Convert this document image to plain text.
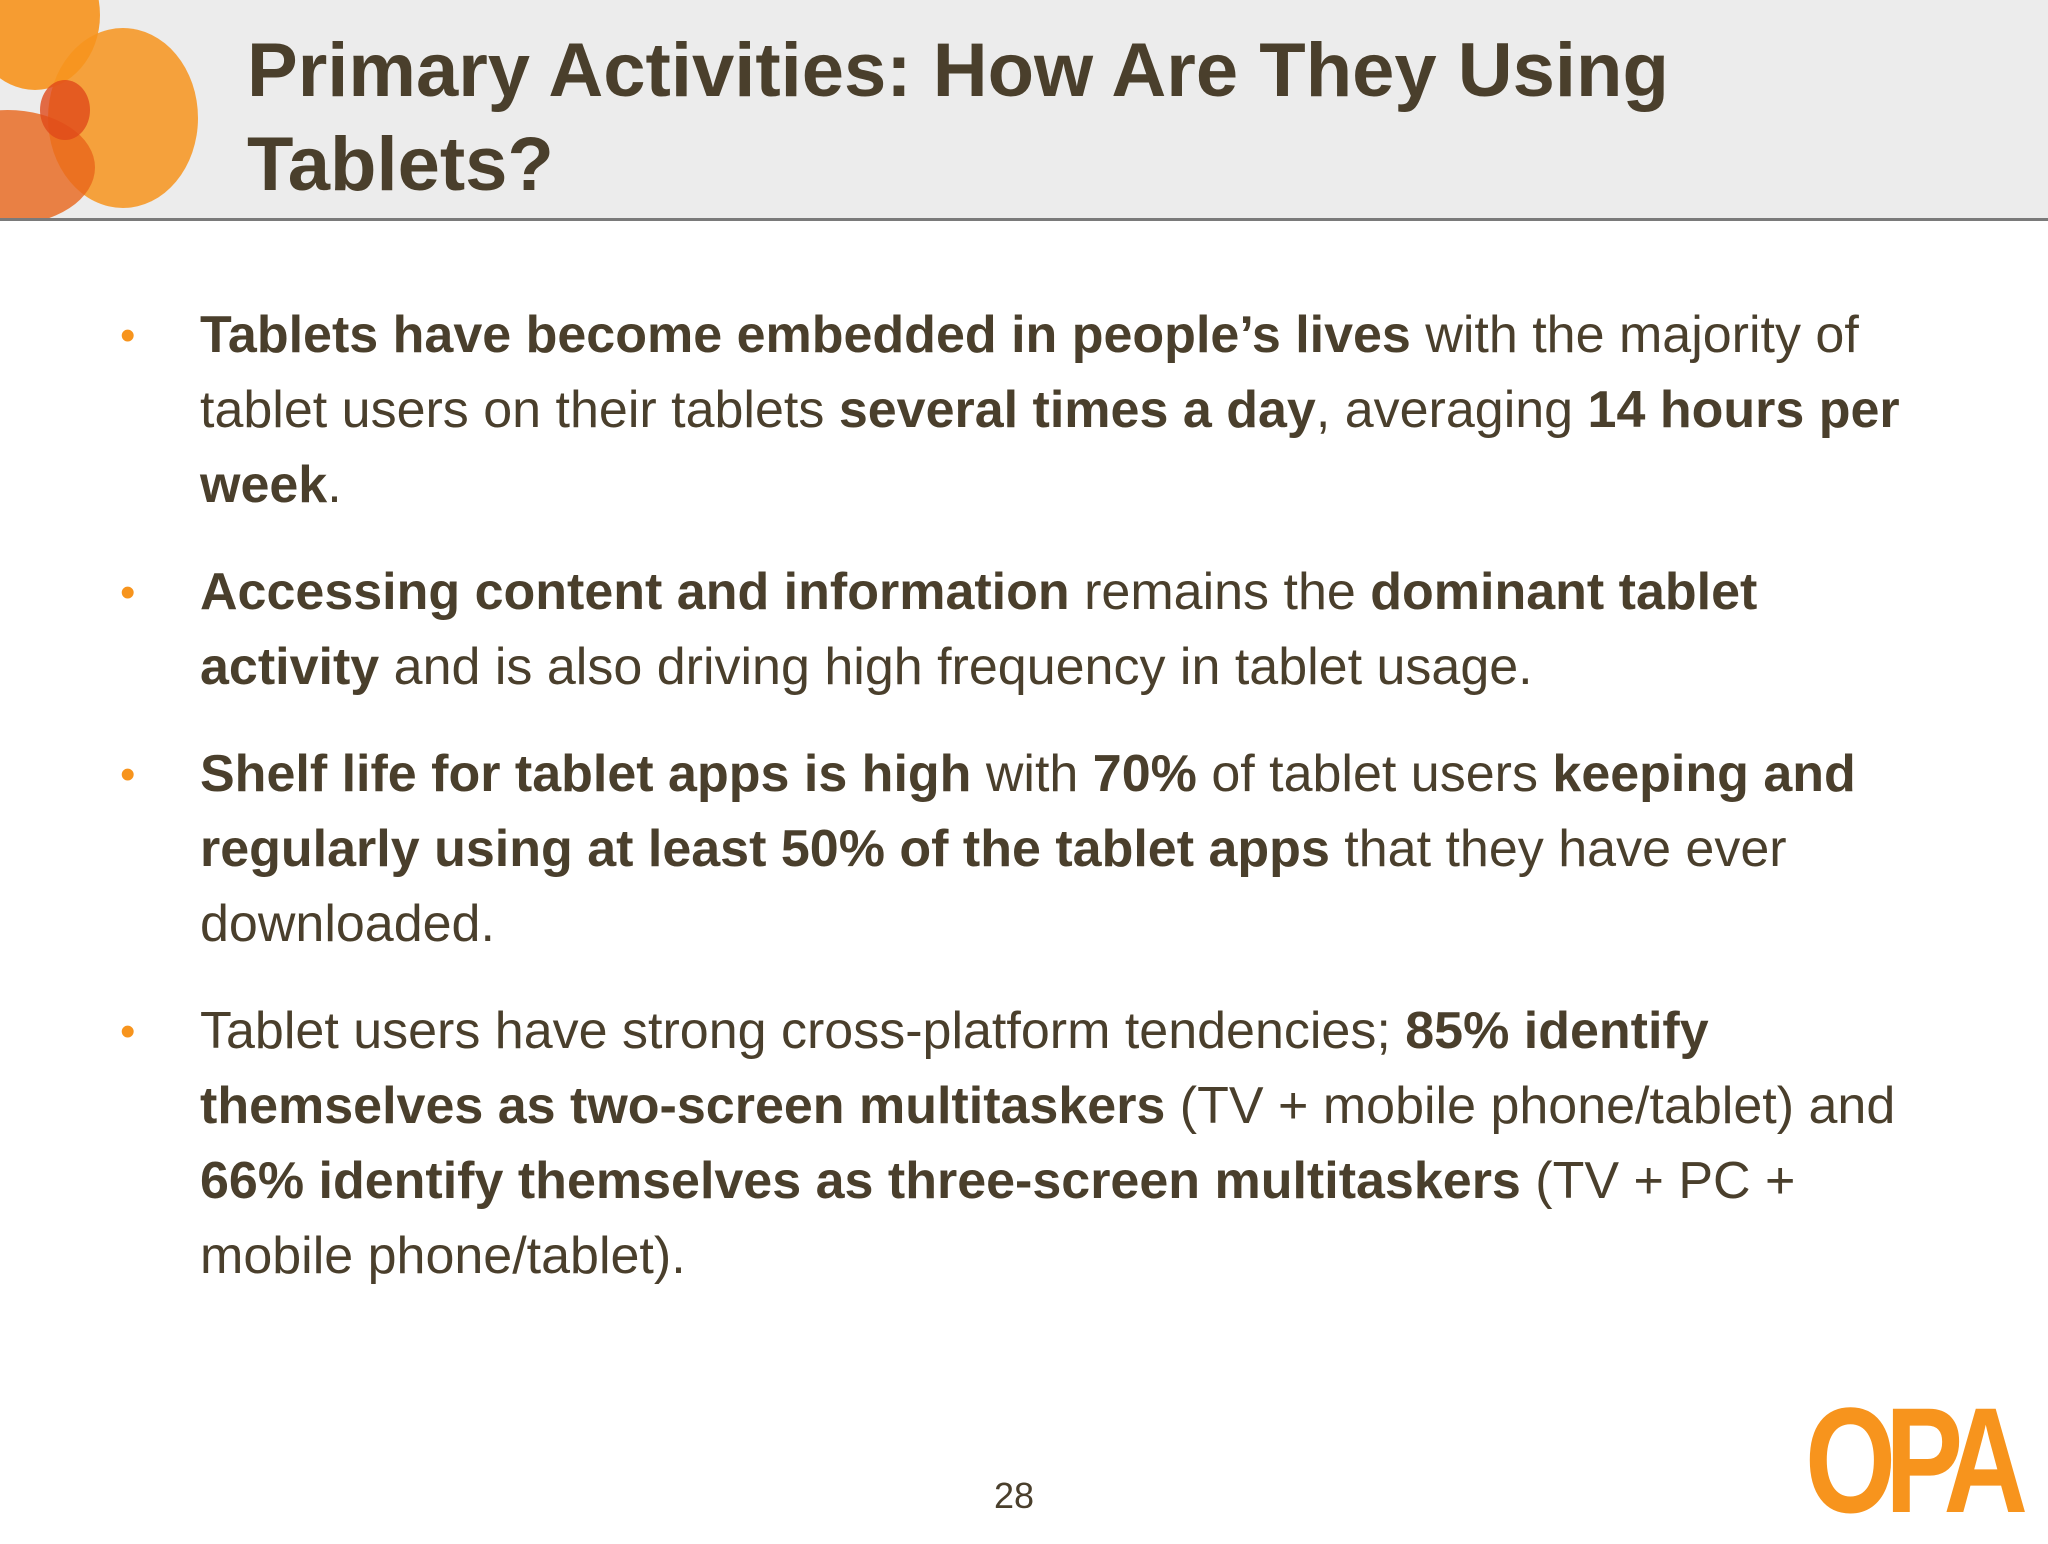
Primary Activities: How Are They Using Tablets?
• Tablets have become embedded in people’s lives with the majority of tablet users on their tablets several times a day, averaging 14 hours per week.
• Accessing content and information remains the dominant tablet activity and is also driving high frequency in tablet usage.
• Shelf life for tablet apps is high with 70% of tablet users keeping and regularly using at least 50% of the tablet apps that they have ever downloaded.
• Tablet users have strong cross-platform tendencies; 85% identify themselves as two-screen multitaskers (TV + mobile phone/tablet) and 66% identify themselves as three-screen multitaskers (TV + PC + mobile phone/tablet).
28	OPA
